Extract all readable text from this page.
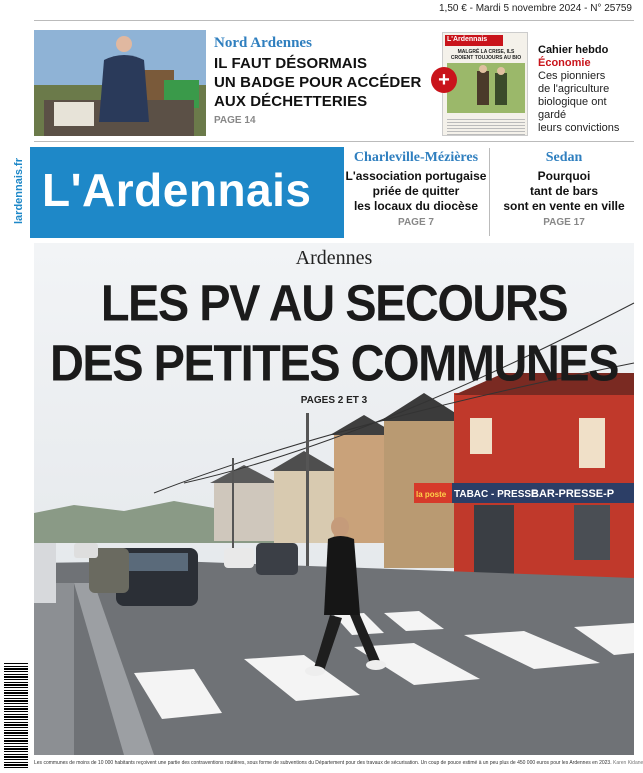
1,50 € - Mardi 5 novembre 2024 - N° 25759
Nord Ardennes
IL FAUT DÉSORMAIS
UN BADGE POUR ACCÉDER
AUX DÉCHETTERIES
PAGE 14
L'Ardennais
MALGRÉ LA CRISE, ILS CROIENT TOUJOURS AU BIO
+
Cahier hebdo
Économie
Ces pionniers
de l'agriculture
biologique ont gardé
leurs convictions
lardennais.fr L'Ardennais
Charleville-Mézières
L'association portugaise
priée de quitter
les locaux du diocèse
PAGE 7
Sedan
Pourquoi
tant de bars
sont en vente en ville
PAGE 17
TABAC - PRESSE
BAR-PRESSE-P
la poste
Ardennes
LES PV AU SECOURS
DES PETITES COMMUNES
PAGES 2 ET 3
Les communes de moins de 10 000 habitants reçoivent une partie des contraventions routières, sous forme de subventions du Département pour des travaux de sécurisation. Un coup de pouce estimé à un peu plus de 450 000 euros pour les Ardennes en 2023. Karen Kidane
